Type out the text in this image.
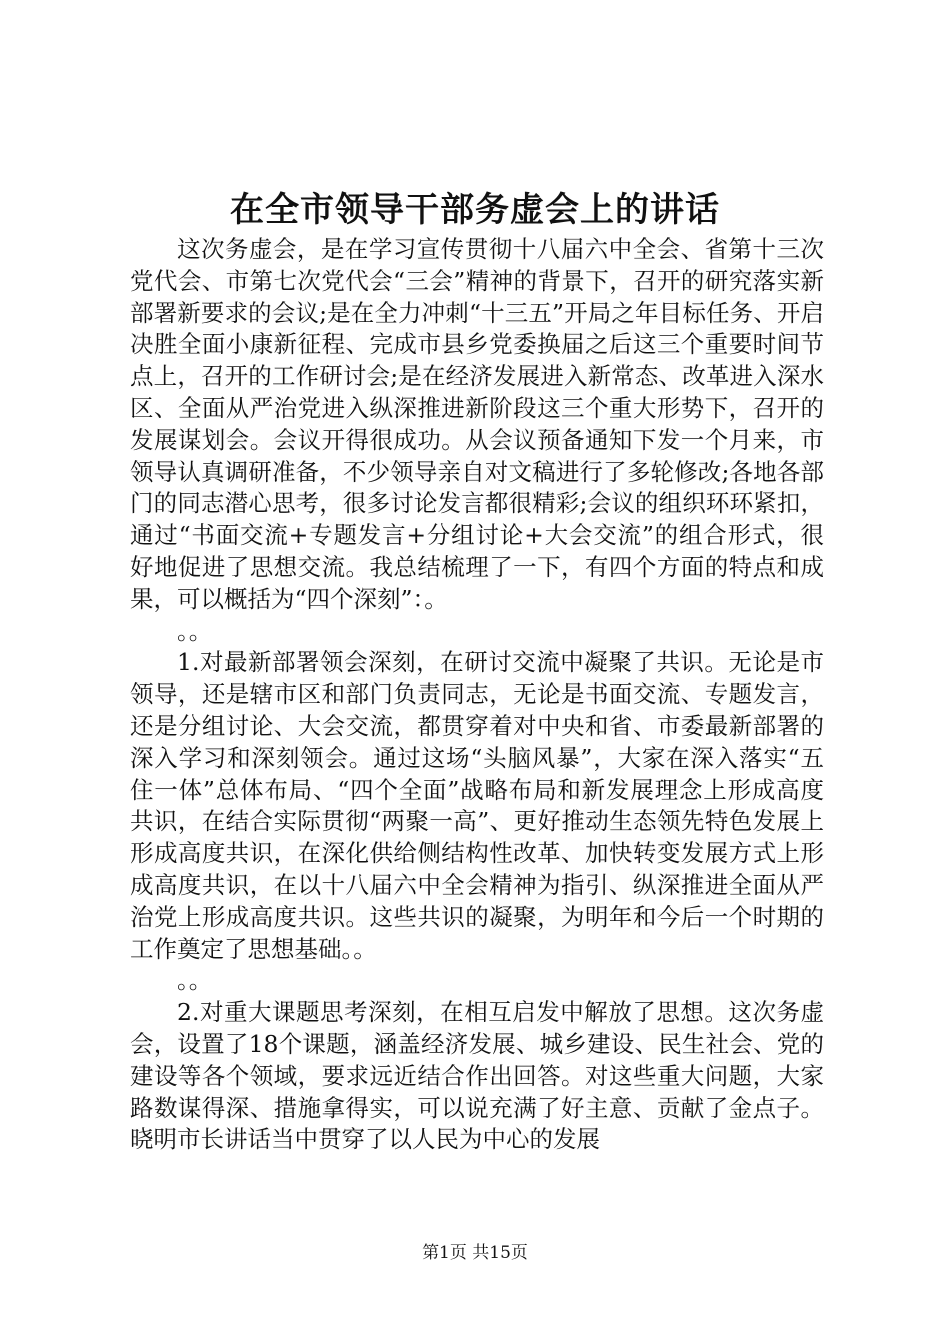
在全市领导干部务虚会上的讲话

这次务虚会，是在学习宣传贯彻十八届六中全会、省第十三次党代会、市第七次党代会“三会”精神的背景下，召开的研究落实新部署新要求的会议;是在全力冲刺“十三五”开局之年目标任务、开启决胜全面小康新征程、完成市县乡党委换届之后这三个重要时间节点上，召开的工作研讨会;是在经济发展进入新常态、改革进入深水区、全面从严治党进入纵深推进新阶段这三个重大形势下，召开的发展谋划会。会议开得很成功。从会议预备通知下发一个月来，市领导认真调研准备，不少领导亲自对文稿进行了多轮修改;各地各部门的同志潜心思考，很多讨论发言都很精彩;会议的组织环环紧扣，通过“书面交流+专题发言+分组讨论+大会交流”的组合形式，很好地促进了思想交流。我总结梳理了一下，有四个方面的特点和成果，可以概括为“四个深刻”：。

。。

1.对最新部署领会深刻，在研讨交流中凝聚了共识。无论是市领导，还是辖市区和部门负责同志，无论是书面交流、专题发言，还是分组讨论、大会交流，都贯穿着对中央和省、市委最新部署的深入学习和深刻领会。通过这场“头脑风暴”，大家在深入落实“五住一体”总体布局、“四个全面”战略布局和新发展理念上形成高度共识，在结合实际贯彻“两聚一高”、更好推动生态领先特色发展上形成高度共识，在深化供给侧结构性改革、加快转变发展方式上形成高度共识，在以十八届六中全会精神为指引、纵深推进全面从严治党上形成高度共识。这些共识的凝聚，为明年和今后一个时期的工作奠定了思想基础。。

。。

2.对重大课题思考深刻，在相互启发中解放了思想。这次务虚会，设置了18个课题，涵盖经济发展、城乡建设、民生社会、党的建设等各个领域，要求远近结合作出回答。对这些重大问题，大家路数谋得深、措施拿得实，可以说充满了好主意、贡献了金点子。晓明市长讲话当中贯穿了以人民为中心的发展

第1页 共15页
